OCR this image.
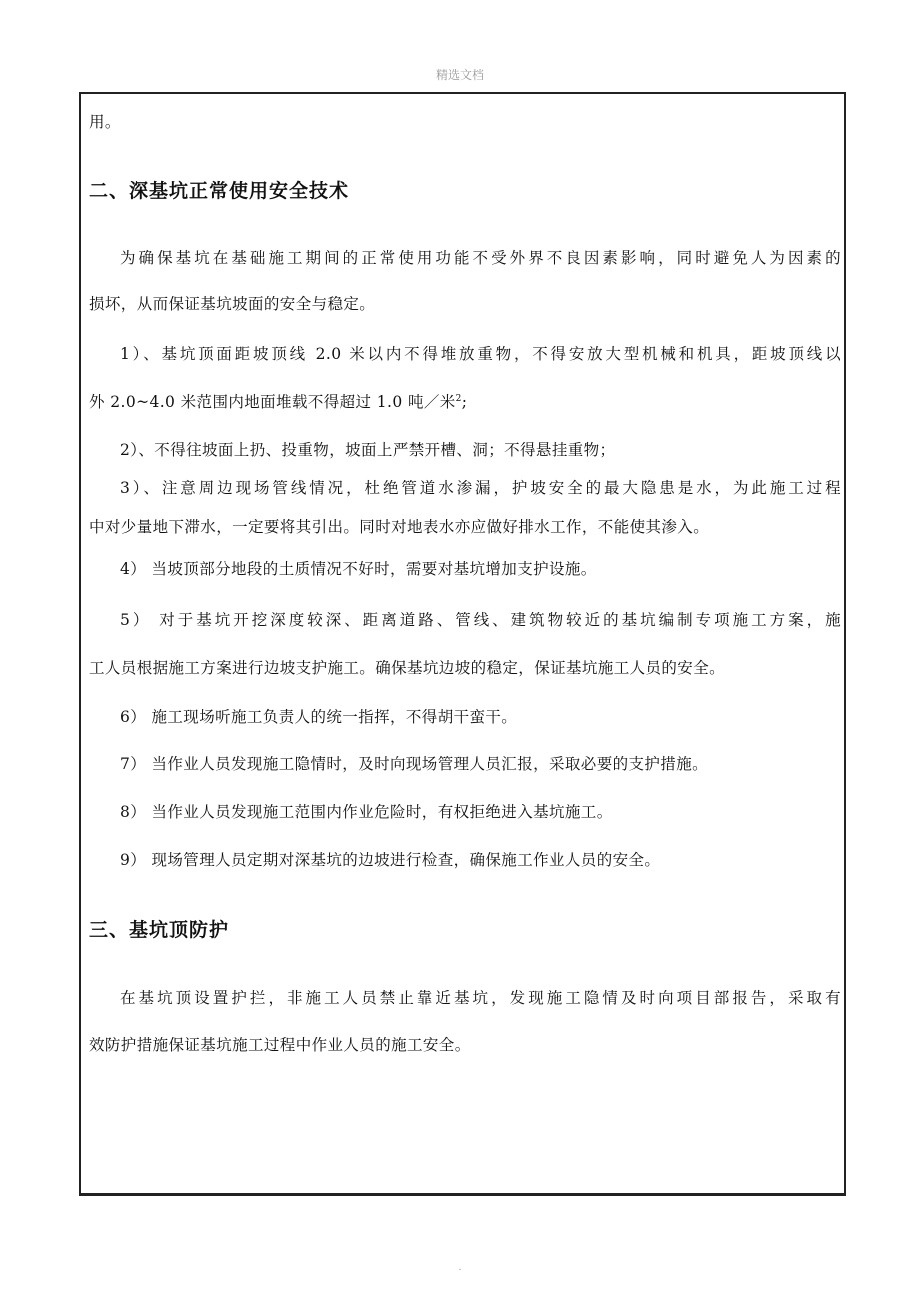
精选文档
用。
二、深基坑正常使用安全技术
为确保基坑在基础施工期间的正常使用功能不受外界不良因素影响，同时避免人为因素的
损坏，从而保证基坑坡面的安全与稳定。
1）、基坑顶面距坡顶线 2.0 米以内不得堆放重物，不得安放大型机械和机具，距坡顶线以
外 2.0~4.0 米范围内地面堆载不得超过 1.0 吨／米$^2$;
2）、不得往坡面上扔、投重物，坡面上严禁开槽、洞；不得悬挂重物；
3）、注意周边现场管线情况，杜绝管道水渗漏，护坡安全的最大隐患是水，为此施工过程
中对少量地下滞水，一定要将其引出。同时对地表水亦应做好排水工作，不能使其渗入。
4） 当坡顶部分地段的土质情况不好时，需要对基坑增加支护设施。
5） 对于基坑开挖深度较深、距离道路、管线、建筑物较近的基坑编制专项施工方案，施
工人员根据施工方案进行边坡支护施工。确保基坑边坡的稳定，保证基坑施工人员的安全。
6） 施工现场听施工负责人的统一指挥，不得胡干蛮干。
7） 当作业人员发现施工隐情时，及时向现场管理人员汇报，采取必要的支护措施。
8） 当作业人员发现施工范围内作业危险时，有权拒绝进入基坑施工。
9） 现场管理人员定期对深基坑的边坡进行检查，确保施工作业人员的安全。
三、基坑顶防护
在基坑顶设置护拦，非施工人员禁止靠近基坑，发现施工隐情及时向项目部报告，采取有
效防护措施保证基坑施工过程中作业人员的施工安全。
.
